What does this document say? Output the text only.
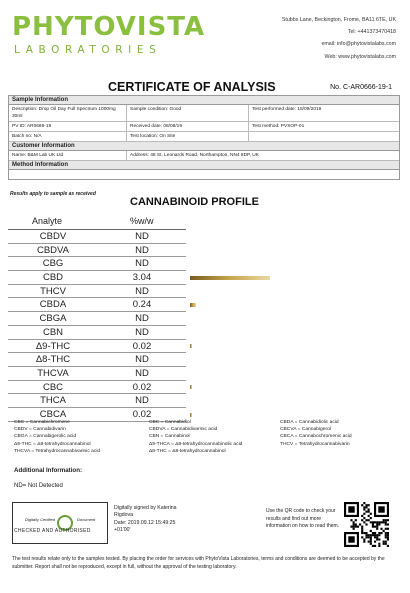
PHYTOVISTA
LABORATORIES
Stubbs Lane, Beckington, Frome, BA11 6TE, UK
Tel: +441373470418
email: info@phytovistalabs.com
Web: www.phytovistalabs.com
CERTIFICATE OF ANALYSIS	No. C-AR0666-19-1
Sample Information
Description: Drop Oil Day Full Spectrum 1000mg 30ml
Sample condition: Good	Test performed date: 15/09/2019
PV ID: AR0666-19	Received date: 08/08/19	Test method: PVSOP-01
Batch no: N/A	Test location: On Site
Customer Information
Name: B&M Lab UK Ltd	Address: 48 St. Leonards Road, Northampton, NN4 8DP, UK
Method Information
Results apply to sample as received
CANNABINOID PROFILE
Analyte	%w/w
CBDV	ND
CBDVA	ND
CBG	ND
CBD	3.04
THCV	ND
CBDA	0.24
CBGA	ND
CBN	ND
Δ9-THC	0.02
Δ8-THC	ND
THCVA	ND
CBC	0.02
THCA	ND
CBCA	0.02
CBC = Cannabichromene	CBC = Cannabidiol	CBDA = Cannabidiolic acid
CBDV = Cannabidivarin	CBDVA = Cannabidivarinic acid	CBCVA = Cannabigerol
CBGA = Cannabigerolic acid	CBN = Cannabinol	CBCA = Cannabochromenic acid
Δ9-THC = Δ9-tetrahydrocannabinol	Δ9-THCA = Δ9-tetrahydrocannabinolic acid	THCV = Tetrahydrocannabivarin
THCVA = Tetrahydrocannabivarinic acid	Δ8-THC = Δ8-tetrahydrocannabinol
Additional Information:
ND= Not Detected
Digitally Certified	Document
CHECKED AND AUTHORISED
Digitally signed by Katerina
Rigdova
Date: 2019.09.12 15:49:25
+01'00'
Use the QR code to check your results and find out more information on how to read them.
The test results relate only to the samples tested. By placing the order for services with PhytoVista Laboratories, terms and conditions are deemed to be accepted by the submitter. Report shall not be reproduced, except in full, without the approval of the testing laboratory.
